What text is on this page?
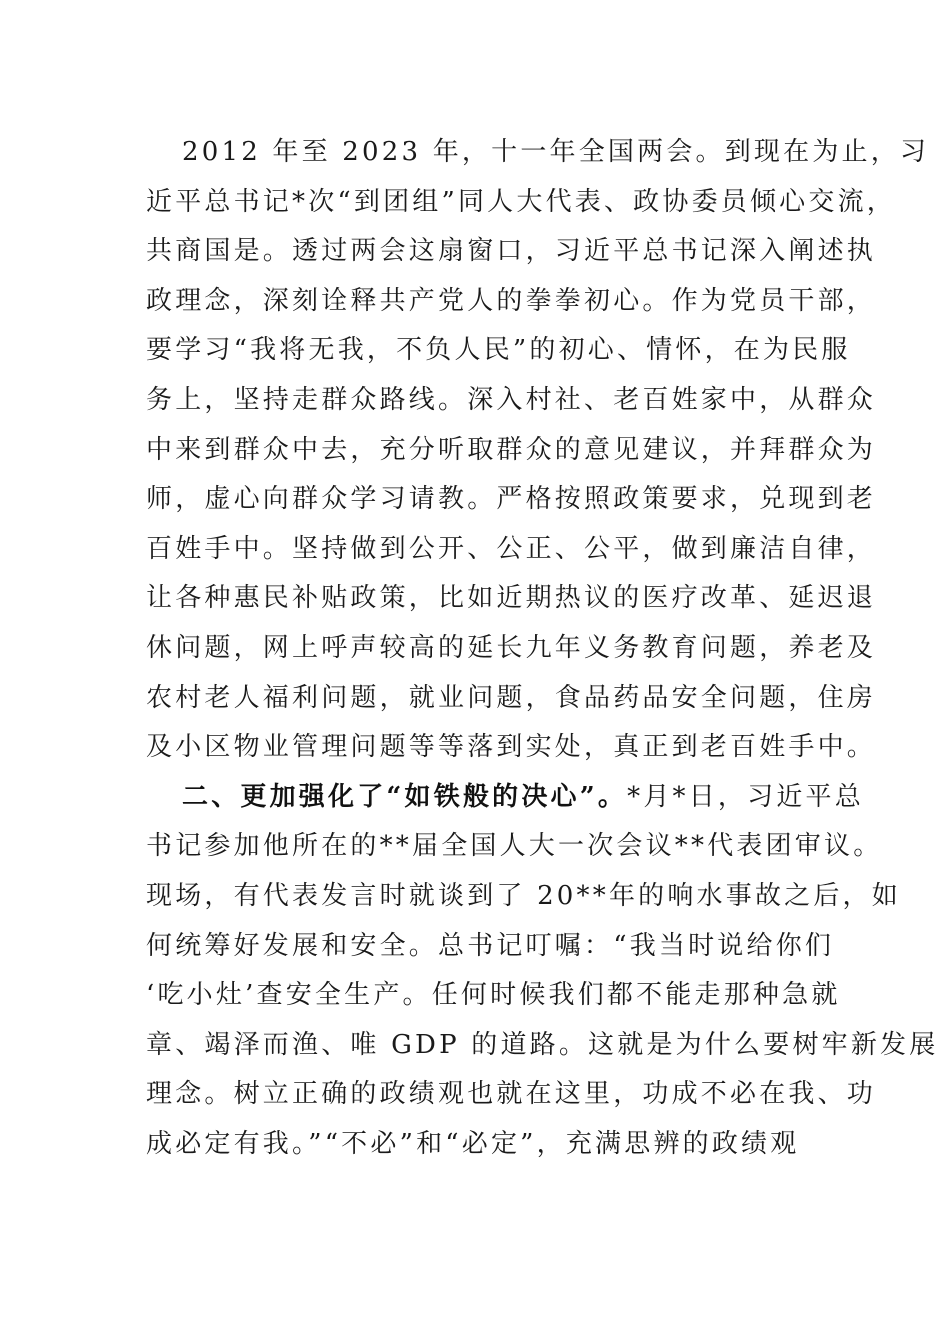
2012 年至 2023 年，十一年全国两会。到现在为止，习
近平总书记*次“到团组”同人大代表、政协委员倾心交流，
共商国是。透过两会这扇窗口，习近平总书记深入阐述执
政理念，深刻诠释共产党人的拳拳初心。作为党员干部，
要学习“我将无我，不负人民”的初心、情怀，在为民服
务上，坚持走群众路线。深入村社、老百姓家中，从群众
中来到群众中去，充分听取群众的意见建议，并拜群众为
师，虚心向群众学习请教。严格按照政策要求，兑现到老
百姓手中。坚持做到公开、公正、公平，做到廉洁自律，
让各种惠民补贴政策，比如近期热议的医疗改革、延迟退
休问题，网上呼声较高的延长九年义务教育问题，养老及
农村老人福利问题，就业问题，食品药品安全问题，住房
及小区物业管理问题等等落到实处，真正到老百姓手中。

二、更加强化了“如铁般的决心”。*月*日，习近平总
书记参加他所在的**届全国人大一次会议**代表团审议。
现场，有代表发言时就谈到了 20**年的响水事故之后，如
何统筹好发展和安全。总书记叮嘱：“我当时说给你们
‘吃小灶’查安全生产。任何时候我们都不能走那种急就
章、竭泽而渔、唯 GDP 的道路。这就是为什么要树牢新发展
理念。树立正确的政绩观也就在这里，功成不必在我、功
成必定有我。”“不必”和“必定”，充满思辨的政绩观
